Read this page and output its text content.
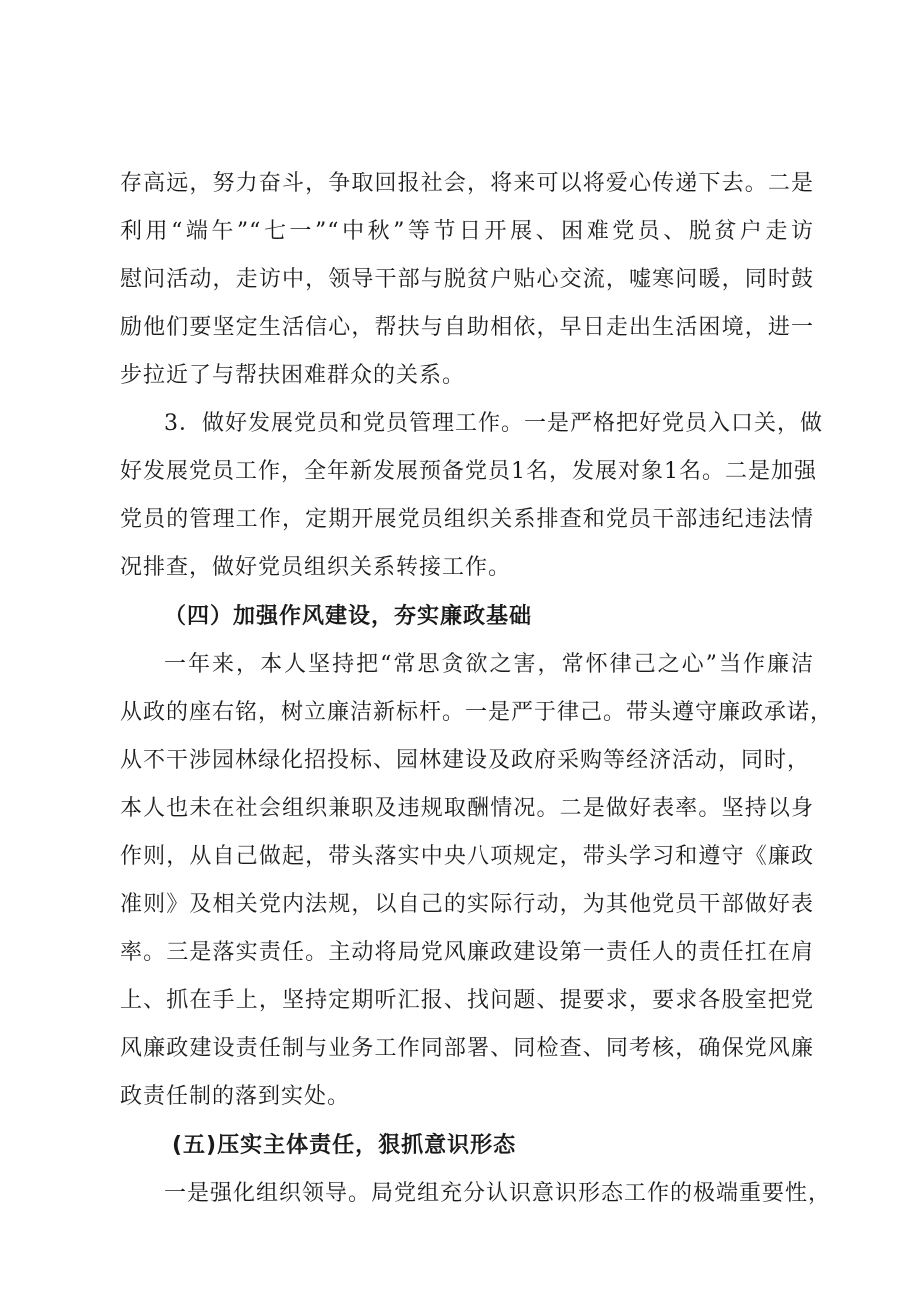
存高远，努力奋斗，争取回报社会，将来可以将爱心传递下去。二是
利用“端午”“七一”“中秋”等节日开展、困难党员、脱贫户走访
慰问活动，走访中，领导干部与脱贫户贴心交流，嘘寒问暖，同时鼓
励他们要坚定生活信心，帮扶与自助相依，早日走出生活困境，进一
步拉近了与帮扶困难群众的关系。
3．做好发展党员和党员管理工作。一是严格把好党员入口关，做
好发展党员工作，全年新发展预备党员1名，发展对象1名。二是加强
党员的管理工作，定期开展党员组织关系排查和党员干部违纪违法情
况排查，做好党员组织关系转接工作。
（四）加强作风建设，夯实廉政基础
一年来，本人坚持把“常思贪欲之害，常怀律己之心”当作廉洁
从政的座右铭，树立廉洁新标杆。一是严于律己。带头遵守廉政承诺，
从不干涉园林绿化招投标、园林建设及政府采购等经济活动，同时，
本人也未在社会组织兼职及违规取酬情况。二是做好表率。坚持以身
作则，从自己做起，带头落实中央八项规定，带头学习和遵守《廉政
准则》及相关党内法规，以自己的实际行动，为其他党员干部做好表
率。三是落实责任。主动将局党风廉政建设第一责任人的责任扛在肩
上、抓在手上，坚持定期听汇报、找问题、提要求，要求各股室把党
风廉政建设责任制与业务工作同部署、同检查、同考核，确保党风廉
政责任制的落到实处。
(五)压实主体责任，狠抓意识形态
一是强化组织领导。局党组充分认识意识形态工作的极端重要性，
